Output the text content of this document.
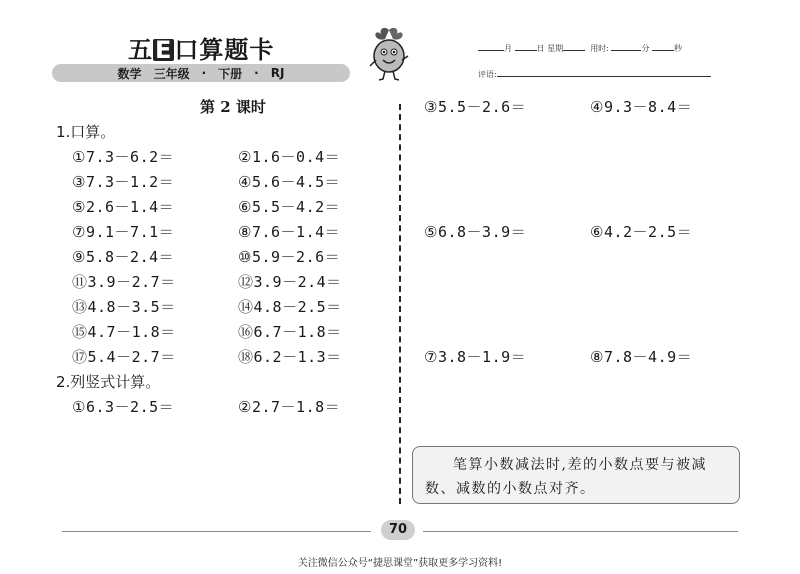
五E口算题卡
数学 三年级 · 下册 · RJ
月	日 星期	用时:	分	秒
评语:
第 2 课时
1.口算。
①7.3－6.2＝	②1.6－0.4＝
③7.3－1.2＝	④5.6－4.5＝
⑤2.6－1.4＝	⑥5.5－4.2＝
⑦9.1－7.1＝	⑧7.6－1.4＝
⑨5.8－2.4＝	⑩5.9－2.6＝
⑪3.9－2.7＝	⑫3.9－2.4＝
⑬4.8－3.5＝	⑭4.8－2.5＝
⑮4.7－1.8＝	⑯6.7－1.8＝
⑰5.4－2.7＝	⑱6.2－1.3＝
2.列竖式计算。
①6.3－2.5＝	②2.7－1.8＝
③5.5－2.6＝	④9.3－8.4＝
⑤6.8－3.9＝	⑥4.2－2.5＝
⑦3.8－1.9＝	⑧7.8－4.9＝
笔算小数减法时,差的小数点要与被减数、减数的小数点对齐。
70
关注微信公众号“捷思课堂”获取更多学习资料!
